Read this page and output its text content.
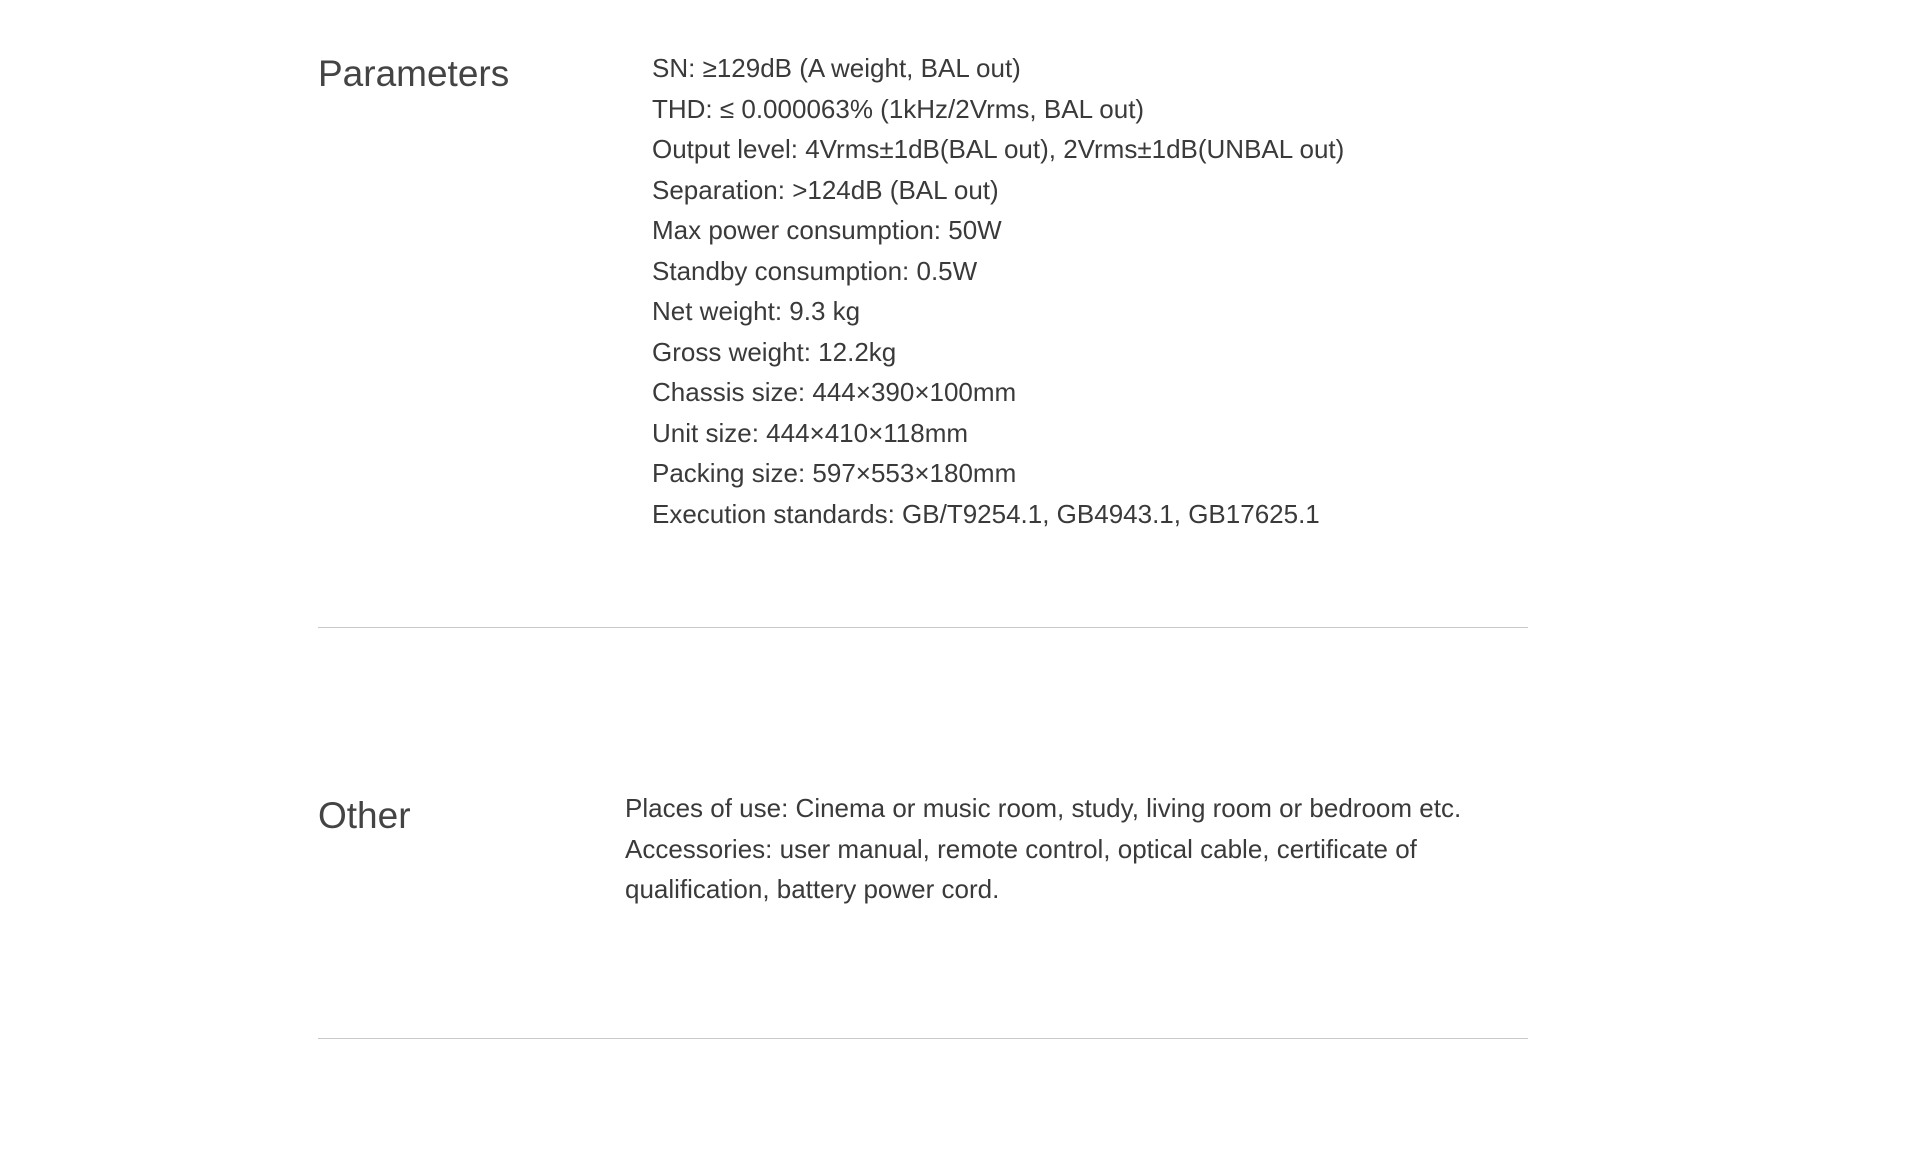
Parameters	SN: ≥129dB (A weight, BAL out)
THD: ≤ 0.000063% (1kHz/2Vrms, BAL out)
Output level: 4Vrms±1dB(BAL out), 2Vrms±1dB(UNBAL out)
Separation: >124dB (BAL out)
Max power consumption: 50W
Standby consumption: 0.5W
Net weight: 9.3 kg
Gross weight: 12.2kg
Chassis size: 444×390×100mm
Unit size: 444×410×118mm
Packing size: 597×553×180mm
Execution standards: GB/T9254.1, GB4943.1, GB17625.1
Other	Places of use: Cinema or music room, study, living room or bedroom etc. Accessories: user manual, remote control, optical cable, certificate of qualification, battery power cord.
